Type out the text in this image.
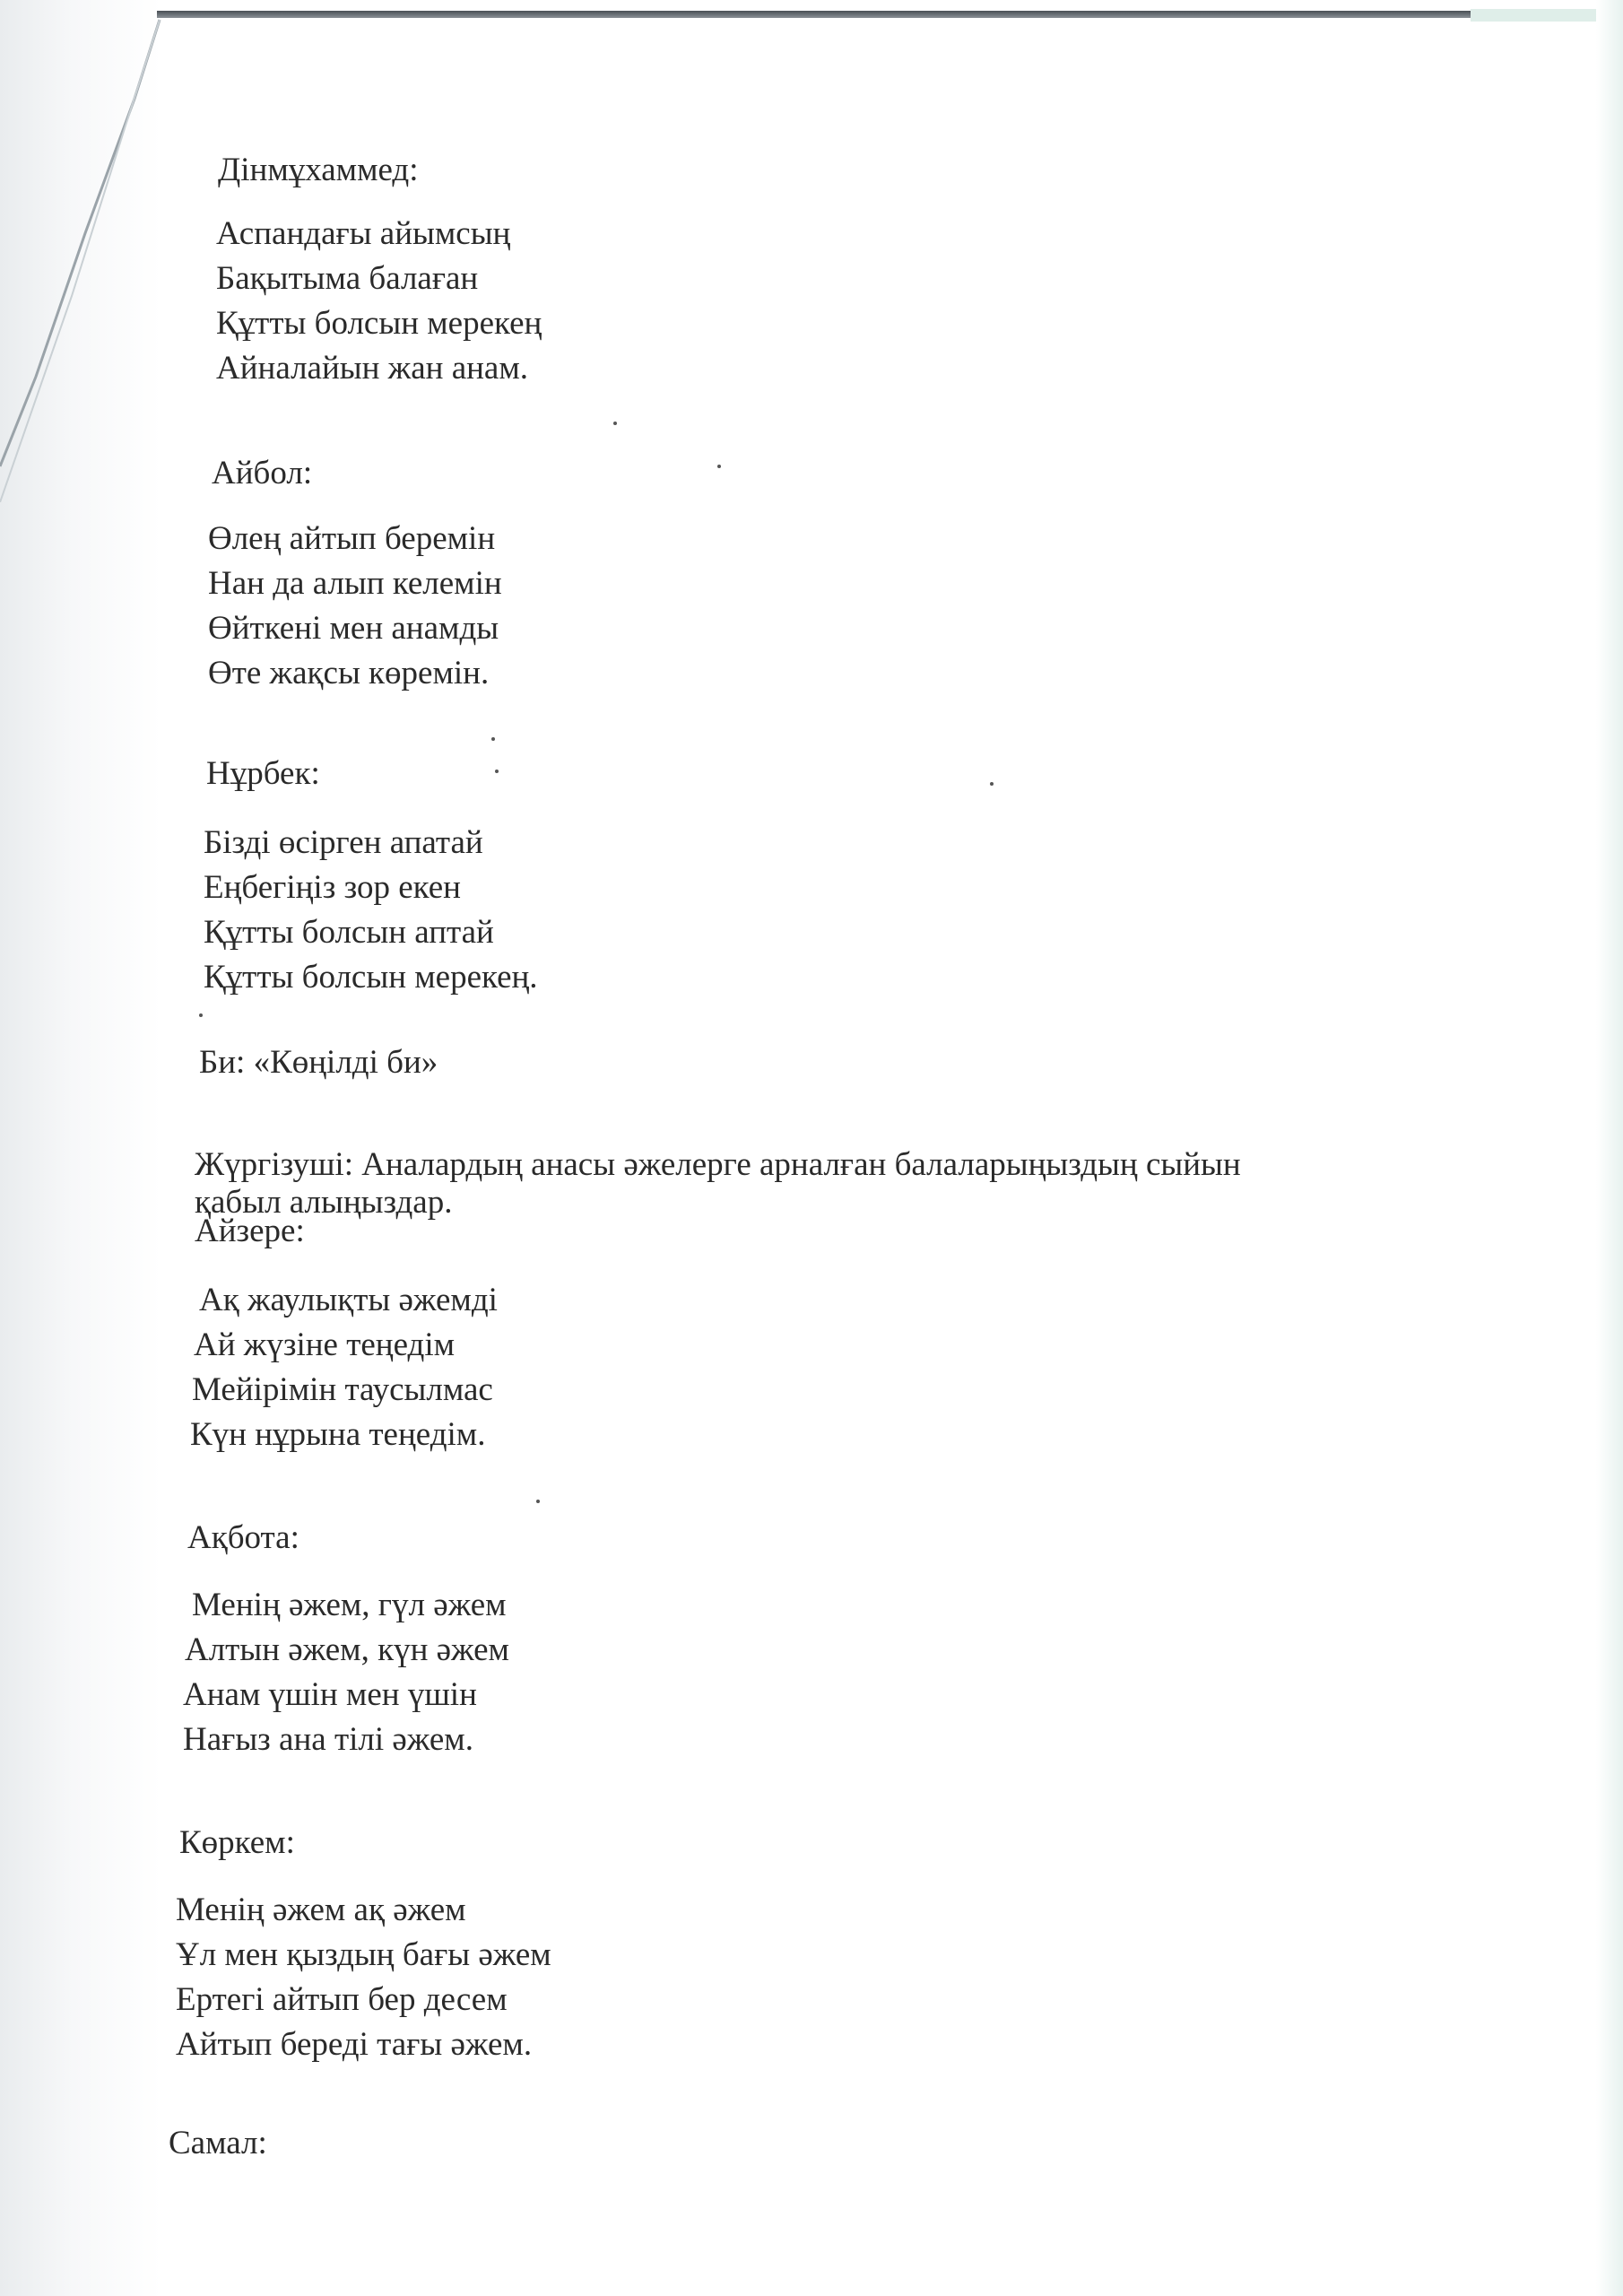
Дінмұхаммед:
Аспандағы айымсың
Бақытыма балаған
Құтты болсын мерекең
Айналайын жан анам.
Айбол:
Өлең айтып беремін
Нан да алып келемін
Өйткені мен анамды
Өте жақсы көремін.
Нұрбек:
Бізді өсірген апатай
Еңбегіңіз зор екен
Құтты болсын аптай
Құтты болсын мерекең.
Би: «Көңілді би»
Жүргізуші: Аналардың анасы әжелерге арналған балаларыңыздың сыйын
қабыл алыңыздар.
Айзере:
Ақ жаулықты әжемді
Ай жүзіне теңедім
Мейірімін таусылмас
Күн нұрына теңедім.
Ақбота:
Менің әжем, гүл әжем
Алтын әжем, күн әжем
Анам үшін мен үшін
Нағыз ана тілі әжем.
Көркем:
Менің әжем ақ әжем
Ұл мен қыздың бағы әжем
Ертегі айтып бер десем
Айтып береді тағы әжем.
Самал:
